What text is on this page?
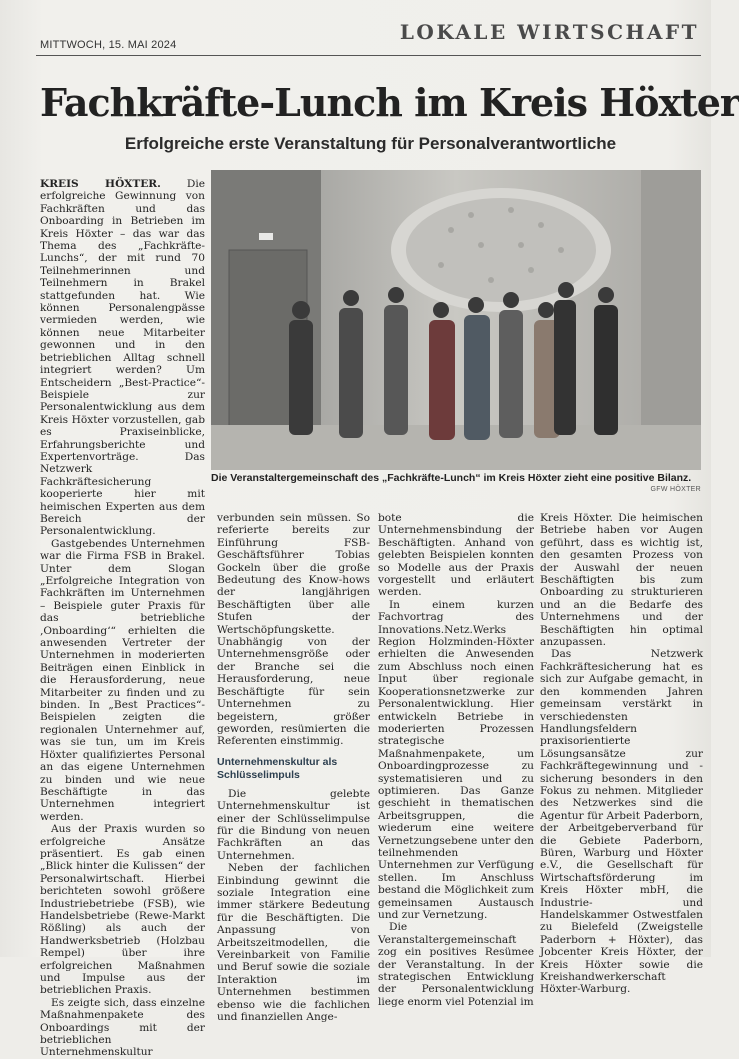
MITTWOCH, 15. MAI 2024
LOKALE WIRTSCHAFT
Fachkräfte-Lunch im Kreis Höxter
Erfolgreiche erste Veranstaltung für Personalverantwortliche
Die Veranstaltergemeinschaft des „Fachkräfte-Lunch“ im Kreis Höxter zieht eine positive Bilanz.
GFW HÖXTER

KREIS HÖXTER. Die erfolgreiche Gewinnung von Fachkräften und das Onboarding in Betrieben im Kreis Höxter – das war das Thema des „Fachkräfte-Lunchs“, der mit rund 70 Teilnehmerinnen und Teilnehmern in Brakel stattgefunden hat. Wie können Personalengpässe vermieden werden, wie können neue Mitarbeiter gewonnen und in den betrieblichen Alltag schnell integriert werden? Um Entscheidern „Best-Practice“-Beispiele zur Personalentwicklung aus dem Kreis Höxter vorzustellen, gab es Praxiseinblicke, Erfahrungsberichte und Expertenvorträge. Das Netzwerk Fachkräftesicherung kooperierte hier mit heimischen Experten aus dem Bereich der Personalentwicklung.

Gastgebendes Unternehmen war die Firma FSB in Brakel. Unter dem Slogan „Erfolgreiche Integration von Fachkräften im Unternehmen – Beispiele guter Praxis für das betriebliche ‚Onboarding‘“ erhielten die anwesenden Vertreter der Unternehmen in moderierten Beiträgen einen Einblick in die Herausforderung, neue Mitarbeiter zu finden und zu binden. In „Best Practices“-Beispielen zeigten die regionalen Unternehmer auf, was sie tun, um im Kreis Höxter qualifiziertes Personal an das eigene Unternehmen zu binden und wie neue Beschäftigte in das Unternehmen integriert werden.

Aus der Praxis wurden so erfolgreiche Ansätze präsentiert. Es gab einen „Blick hinter die Kulissen“ der Personalwirtschaft. Hierbei berichteten sowohl größere Industriebetriebe (FSB), wie Handelsbetriebe (Rewe-Markt Rößling) als auch der Handwerksbetrieb (Holzbau Rempel) über ihre erfolgreichen Maßnahmen und Impulse aus der betrieblichen Praxis.

Es zeigte sich, dass einzelne Maßnahmenpakete des Onboardings mit der betrieblichen Unternehmenskultur

verbunden sein müssen. So referierte bereits zur Einführung FSB-Geschäftsführer Tobias Gockeln über die große Bedeutung des Know-hows der langjährigen Beschäftigten über alle Stufen der Wertschöpfungskette. Unabhängig von der Unternehmensgröße oder der Branche sei die Herausforderung, neue Beschäftigte für sein Unternehmen zu begeistern, größer geworden, resümierten die Referenten einstimmig.

Unternehmenskultur als Schlüsselimpuls

Die gelebte Unternehmenskultur ist einer der Schlüsselimpulse für die Bindung von neuen Fachkräften an das Unternehmen.

Neben der fachlichen Einbindung gewinnt die soziale Integration eine immer stärkere Bedeutung für die Beschäftigten. Die Anpassung von Arbeitszeitmodellen, die Vereinbarkeit von Familie und Beruf sowie die soziale Interaktion im Unternehmen bestimmen ebenso wie die fachlichen und finanziellen Ange-

bote die Unternehmensbindung der Beschäftigten. Anhand von gelebten Beispielen konnten so Modelle aus der Praxis vorgestellt und erläutert werden.

In einem kurzen Fachvortrag des Innovations.Netz.Werks Region Holzminden-Höxter erhielten die Anwesenden zum Abschluss noch einen Input über regionale Kooperationsnetzwerke zur Personalentwicklung. Hier entwickeln Betriebe in moderierten Prozessen strategische Maßnahmenpakete, um Onboardingprozesse zu systematisieren und zu optimieren. Das Ganze geschieht in thematischen Arbeitsgruppen, die wiederum eine weitere Vernetzungsebene unter den teilnehmenden Unternehmen zur Verfügung stellen. Im Anschluss bestand die Möglichkeit zum gemeinsamen Austausch und zur Vernetzung.

Die Veranstaltergemeinschaft zog ein positives Resümee der Veranstaltung. In der strategischen Entwicklung der Personalentwicklung liege enorm viel Potenzial im

Kreis Höxter. Die heimischen Betriebe haben vor Augen geführt, dass es wichtig ist, den gesamten Prozess von der Auswahl der neuen Beschäftigten bis zum Onboarding zu strukturieren und an die Bedarfe des Unternehmens und der Beschäftigten hin optimal anzupassen.

Das Netzwerk Fachkräftesicherung hat es sich zur Aufgabe gemacht, in den kommenden Jahren gemeinsam verstärkt in verschiedensten Handlungsfeldern praxisorientierte Lösungsansätze zur Fachkräftegewinnung und -sicherung besonders in den Fokus zu nehmen. Mitglieder des Netzwerkes sind die Agentur für Arbeit Paderborn, der Arbeitgeberverband für die Gebiete Paderborn, Büren, Warburg und Höxter e.V., die Gesellschaft für Wirtschaftsförderung im Kreis Höxter mbH, die Industrie- und Handelskammer Ostwestfalen zu Bielefeld (Zweigstelle Paderborn + Höxter), das Jobcenter Kreis Höxter, der Kreis Höxter sowie die Kreishandwerkerschaft Höxter-Warburg.
